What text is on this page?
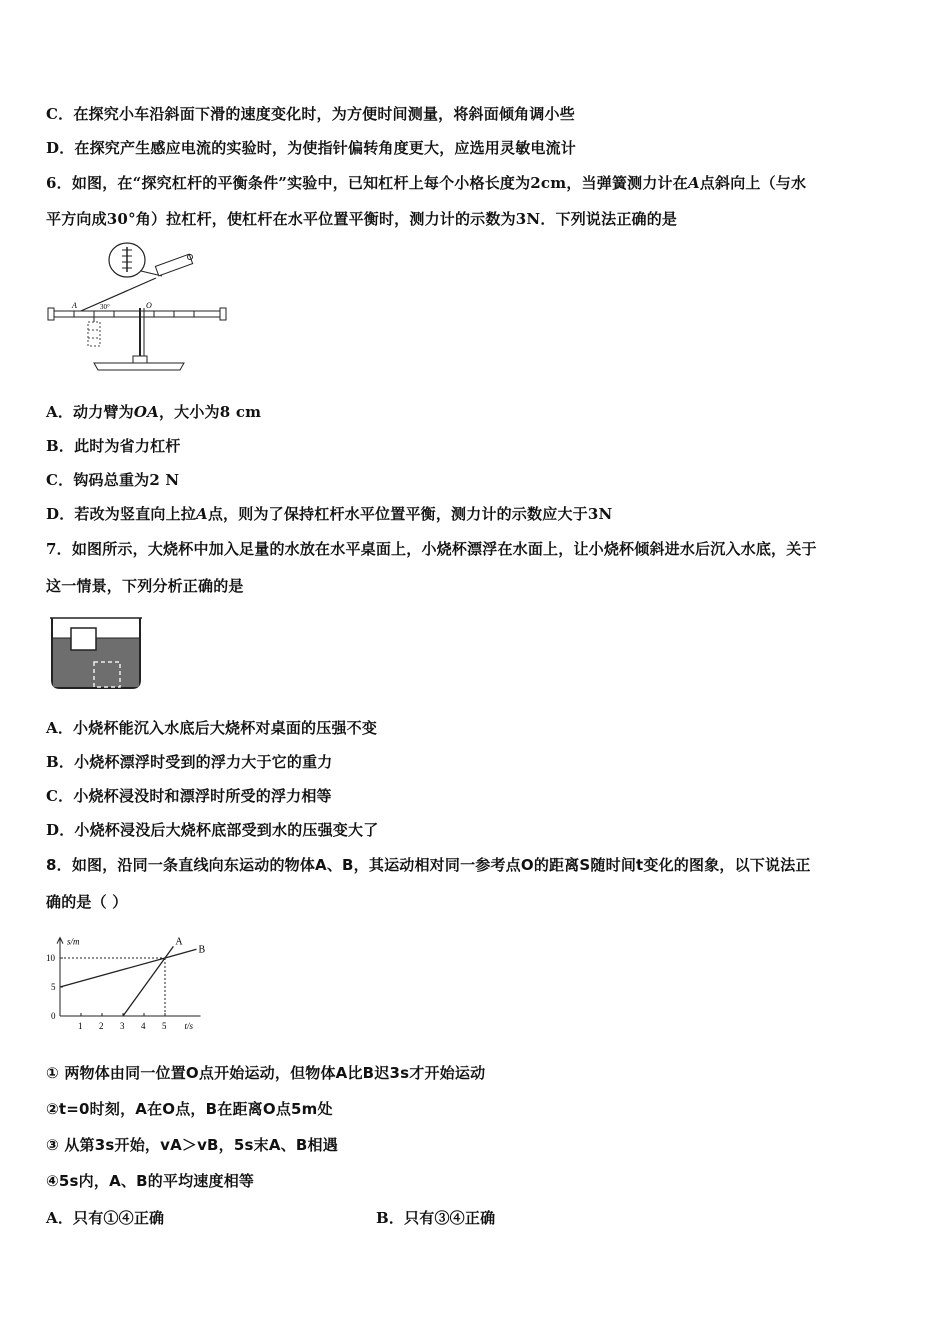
C．在探究小车沿斜面下滑的速度变化时，为方便时间测量，将斜面倾角调小些
D．在探究产生感应电流的实验时，为使指针偏转角度更大，应选用灵敏电流计
6．如图，在“探究杠杆的平衡条件”实验中，已知杠杆上每个小格长度为2cm，当弹簧测力计在A点斜向上（与水
平方向成30°角）拉杠杆，使杠杆在水平位置平衡时，测力计的示数为3N．下列说法正确的是
A	30°	O
A．动力臂为OA，大小为8 cm
B．此时为省力杠杆
C．钩码总重为2 N
D．若改为竖直向上拉A点，则为了保持杠杆水平位置平衡，测力计的示数应大于3N
7．如图所示，大烧杯中加入足量的水放在水平桌面上，小烧杯漂浮在水面上，让小烧杯倾斜进水后沉入水底，关于
这一情景，下列分析正确的是
A．小烧杯能沉入水底后大烧杯对桌面的压强不变
B．小烧杯漂浮时受到的浮力大于它的重力
C．小烧杯浸没时和漂浮时所受的浮力相等
D．小烧杯浸没后大烧杯底部受到水的压强变大了
8．如图，沿同一条直线向东运动的物体A、B，其运动相对同一参考点O的距离S随时间t变化的图象，以下说法正
确的是（ ）
s/m
t/s
1 2 3 4 5
0
5
10
A
B
① 两物体由同一位置O点开始运动，但物体A比B迟3s才开始运动
②t=0时刻，A在O点，B在距离O点5m处
③ 从第3s开始，vA＞vB，5s末A、B相遇
④5s内，A、B的平均速度相等
A．只有①④正确	B．只有③④正确
